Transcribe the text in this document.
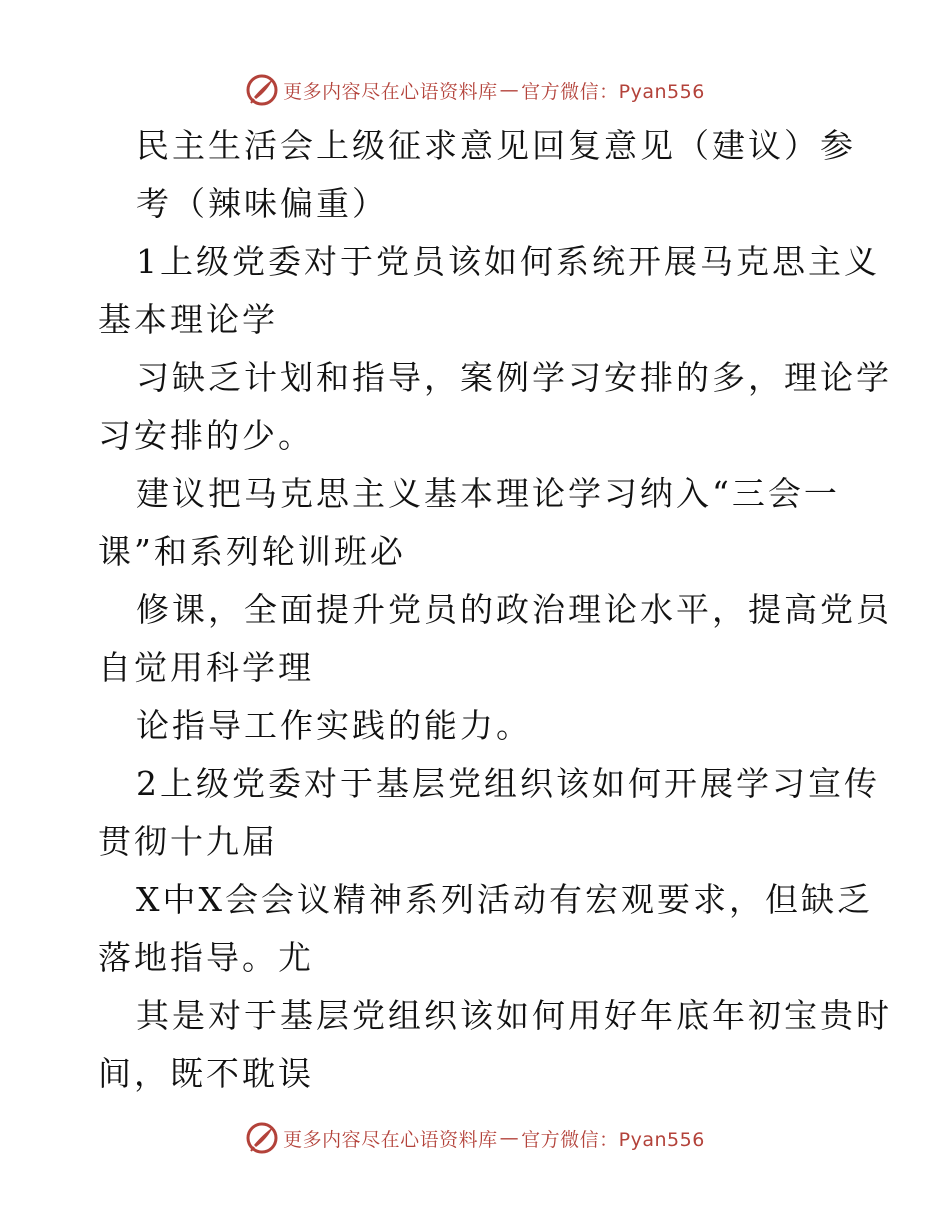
更多内容尽在心语资料库 — 官方微信：Pyan556
民主生活会上级征求意见回复意见（建议）参
考（辣味偏重）
1上级党委对于党员该如何系统开展马克思主义
基本理论学
习缺乏计划和指导，案例学习安排的多，理论学
习安排的少。
建议把马克思主义基本理论学习纳入“三会一
课”和系列轮训班必
修课，全面提升党员的政治理论水平，提高党员
自觉用科学理
论指导工作实践的能力。
2上级党委对于基层党组织该如何开展学习宣传
贯彻十九届
X中X会会议精神系列活动有宏观要求，但缺乏
落地指导。尤
其是对于基层党组织该如何用好年底年初宝贵时
间，既不耽误
更多内容尽在心语资料库 — 官方微信：Pyan556
